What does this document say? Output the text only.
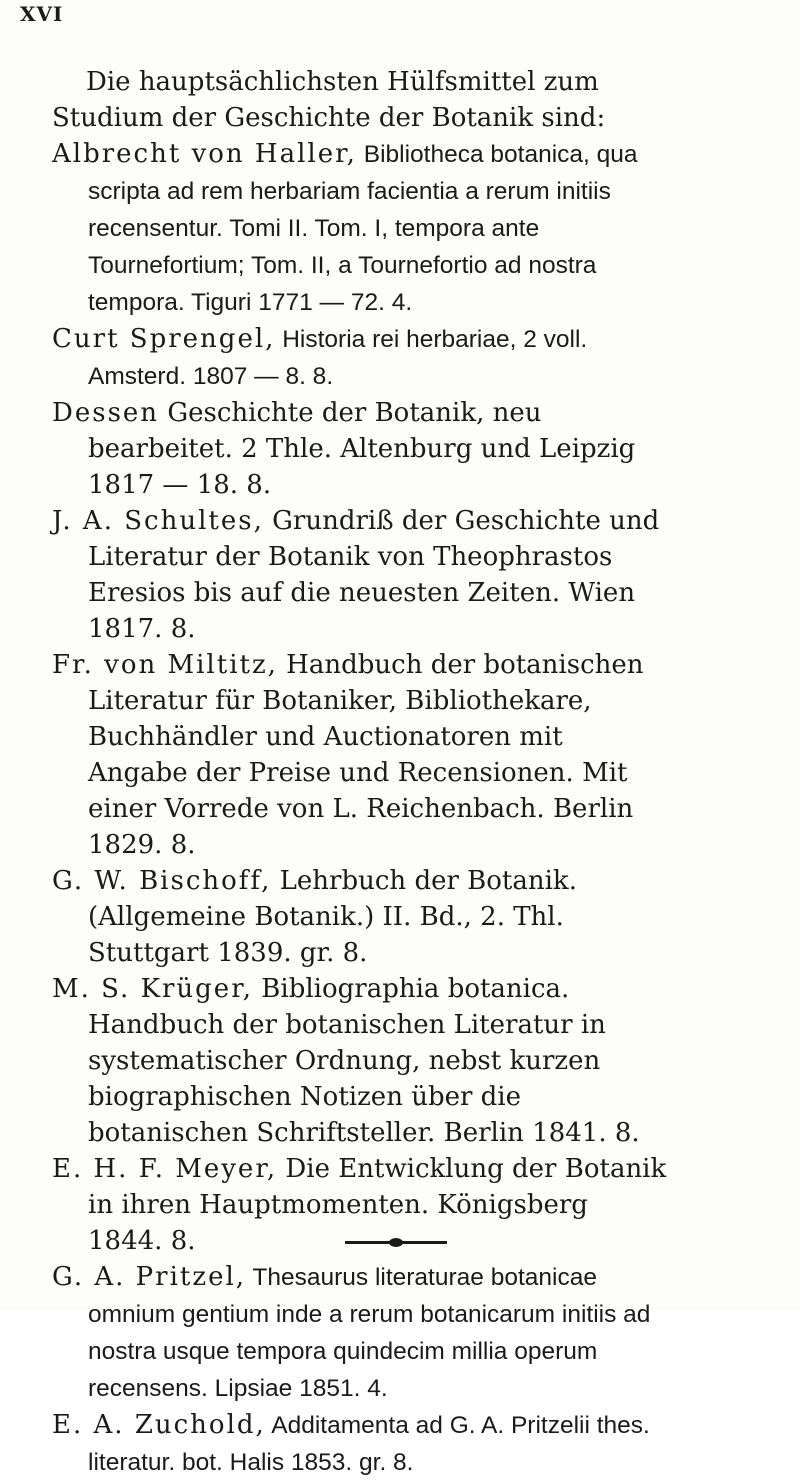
XVI

Die hauptsächlichsten Hülfsmittel zum Studium der Geschichte der Botanik sind:

Albrecht von Haller, Bibliotheca botanica, qua scripta ad rem herbariam facientia a rerum initiis recensentur. Tomi II. Tom. I, tempora ante Tournefortium; Tom. II, a Tournefortio ad nostra tempora. Tiguri 1771 — 72. 4.
Curt Sprengel, Historia rei herbariae, 2 voll. Amsterd. 1807 — 8. 8.
Dessen Geschichte der Botanik, neu bearbeitet. 2 Thle. Altenburg und Leipzig 1817 — 18. 8.
J. A. Schultes, Grundriß der Geschichte und Literatur der Botanik von Theophrastos Eresios bis auf die neuesten Zeiten. Wien 1817. 8.
Fr. von Miltitz, Handbuch der botanischen Literatur für Botaniker, Bibliothekare, Buchhändler und Auctionatoren mit Angabe der Preise und Recensionen. Mit einer Vorrede von L. Reichenbach. Berlin 1829. 8.
G. W. Bischoff, Lehrbuch der Botanik. (Allgemeine Botanik.) II. Bd., 2. Thl. Stuttgart 1839. gr. 8.
M. S. Krüger, Bibliographia botanica. Handbuch der botanischen Literatur in systematischer Ordnung, nebst kurzen biographischen Notizen über die botanischen Schriftsteller. Berlin 1841. 8.
E. H. F. Meyer, Die Entwicklung der Botanik in ihren Hauptmomenten. Königsberg 1844. 8.
G. A. Pritzel, Thesaurus literaturae botanicae omnium gentium inde a rerum botanicarum initiis ad nostra usque tempora quindecim millia operum recensens. Lipsiae 1851. 4.
E. A. Zuchold, Additamenta ad G. A. Pritzelii thes. literatur. bot. Halis 1853. gr. 8.
